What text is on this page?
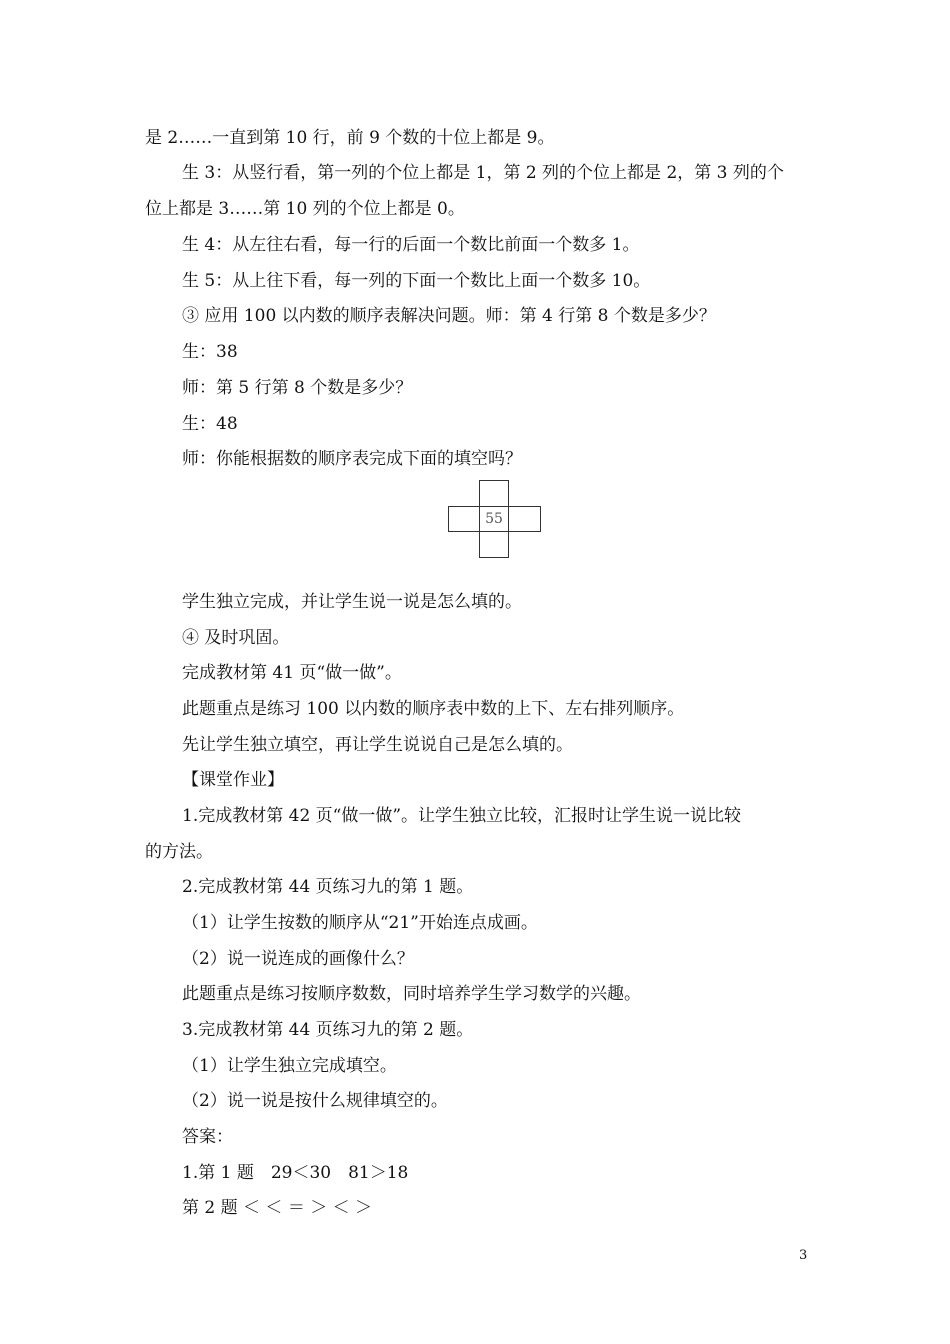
是 2……一直到第 10 行，前 9 个数的十位上都是 9。
生 3：从竖行看，第一列的个位上都是 1，第 2 列的个位上都是 2，第 3 列的个
位上都是 3……第 10 列的个位上都是 0。
生 4：从左往右看，每一行的后面一个数比前面一个数多 1。
生 5：从上往下看，每一列的下面一个数比上面一个数多 10。
③ 应用 100 以内数的顺序表解决问题。师：第 4 行第 8 个数是多少？
生：38
师：第 5 行第 8 个数是多少？
生：48
师：你能根据数的顺序表完成下面的填空吗？
55
学生独立完成，并让学生说一说是怎么填的。
④ 及时巩固。
完成教材第 41 页“做一做”。
此题重点是练习 100 以内数的顺序表中数的上下、左右排列顺序。
先让学生独立填空，再让学生说说自己是怎么填的。
【课堂作业】
1.完成教材第 42 页“做一做”。让学生独立比较，汇报时让学生说一说比较
的方法。
2.完成教材第 44 页练习九的第 1 题。
（1）让学生按数的顺序从“21”开始连点成画。
（2）说一说连成的画像什么？
此题重点是练习按顺序数数，同时培养学生学习数学的兴趣。
3.完成教材第 44 页练习九的第 2 题。
（1）让学生独立完成填空。
（2）说一说是按什么规律填空的。
答案：
1.第 1 题　29＜30　81＞18
第 2 题 ＜ ＜ ＝ ＞ ＜ ＞
3
